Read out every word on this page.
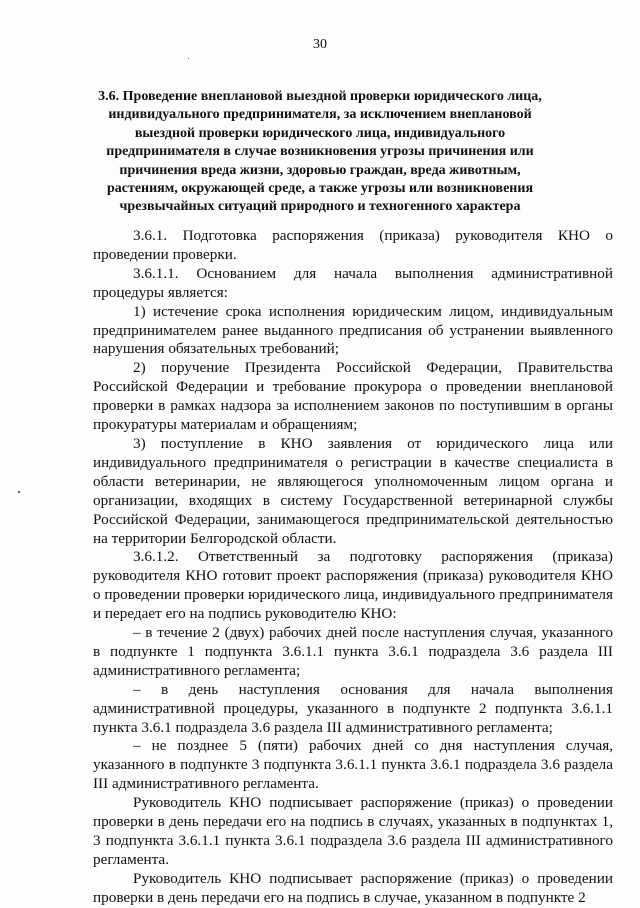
30
3.6. Проведение внеплановой выездной проверки юридического лица, индивидуального предпринимателя, за исключением внеплановой выездной проверки юридического лица, индивидуального предпринимателя в случае возникновения угрозы причинения или причинения вреда жизни, здоровью граждан, вреда животным, растениям, окружающей среде, а также угрозы или возникновения чрезвычайных ситуаций природного и техногенного характера

3.6.1. Подготовка распоряжения (приказа) руководителя КНО о проведении проверки.

3.6.1.1. Основанием для начала выполнения административной процедуры является:

1) истечение срока исполнения юридическим лицом, индивидуальным предпринимателем ранее выданного предписания об устранении выявленного нарушения обязательных требований;

2) поручение Президента Российской Федерации, Правительства Российской Федерации и требование прокурора о проведении внеплановой проверки в рамках надзора за исполнением законов по поступившим в органы прокуратуры материалам и обращениям;

3) поступление в КНО заявления от юридического лица или индивидуального предпринимателя о регистрации в качестве специалиста в области ветеринарии, не являющегося уполномоченным лицом органа и организации, входящих в систему Государственной ветеринарной службы Российской Федерации, занимающегося предпринимательской деятельностью на территории Белгородской области.

3.6.1.2. Ответственный за подготовку распоряжения (приказа) руководителя КНО готовит проект распоряжения (приказа) руководителя КНО о проведении проверки юридического лица, индивидуального предпринимателя и передает его на подпись руководителю КНО:

– в течение 2 (двух) рабочих дней после наступления случая, указанного в подпункте 1 подпункта 3.6.1.1 пункта 3.6.1 подраздела 3.6 раздела III административного регламента;

– в день наступления основания для начала выполнения административной процедуры, указанного в подпункте 2 подпункта 3.6.1.1 пункта 3.6.1 подраздела 3.6 раздела III административного регламента;

– не позднее 5 (пяти) рабочих дней со дня наступления случая, указанного в подпункте 3 подпункта 3.6.1.1 пункта 3.6.1 подраздела 3.6 раздела III административного регламента.

Руководитель КНО подписывает распоряжение (приказ) о проведении проверки в день передачи его на подпись в случаях, указанных в подпунктах 1, 3 подпункта 3.6.1.1 пункта 3.6.1 подраздела 3.6 раздела III административного регламента.

Руководитель КНО подписывает распоряжение (приказ) о проведении проверки в день передачи его на подпись в случае, указанном в подпункте 2
